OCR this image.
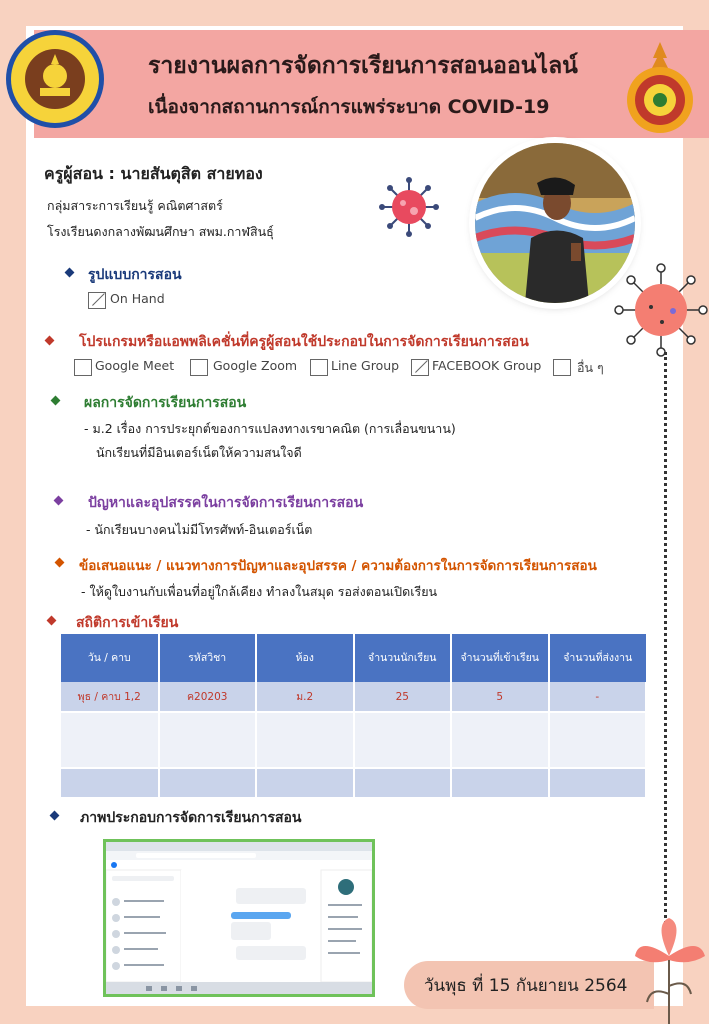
รายงานผลการจัดการเรียนการสอนออนไลน์
เนื่องจากสถานการณ์การแพร่ระบาด COVID-19
ครูผู้สอน : นายสันตุสิต สายทอง
กลุ่มสาระการเรียนรู้ คณิตศาสตร์
โรงเรียนดงกลางพัฒนศึกษา สพม.กาฬสินธุ์
รูปแบบการสอน
On Hand
โปรแกรมหรือแอพพลิเคชั่นที่ครูผู้สอนใช้ประกอบในการจัดการเรียนการสอน
Google Meet	Google Zoom	Line Group	FACEBOOK Group	อื่น ๆ
ผลการจัดการเรียนการสอน
- ม.2 เรื่อง การประยุกต์ของการแปลงทางเรขาคณิต (การเลื่อนขนาน)
นักเรียนที่มีอินเตอร์เน็ตให้ความสนใจดี
ปัญหาและอุปสรรคในการจัดการเรียนการสอน
- นักเรียนบางคนไม่มีโทรศัพท์-อินเตอร์เน็ต
ข้อเสนอแนะ / แนวทางการปัญหาและอุปสรรค / ความต้องการในการจัดการเรียนการสอน
- ให้ดูใบงานกับเพื่อนที่อยู่ใกล้เคียง ทำลงในสมุด รอส่งตอนเปิดเรียน
สถิติการเข้าเรียน
วัน / คาบ	รหัสวิชา	ห้อง	จำนวนนักเรียน	จำนวนที่เข้าเรียน	จำนวนที่ส่งงาน
พุธ / คาบ 1,2	ค20203	ม.2	25	5	-

ภาพประกอบการจัดการเรียนการสอน
วันพุธ ที่ 15 กันยายน 2564
